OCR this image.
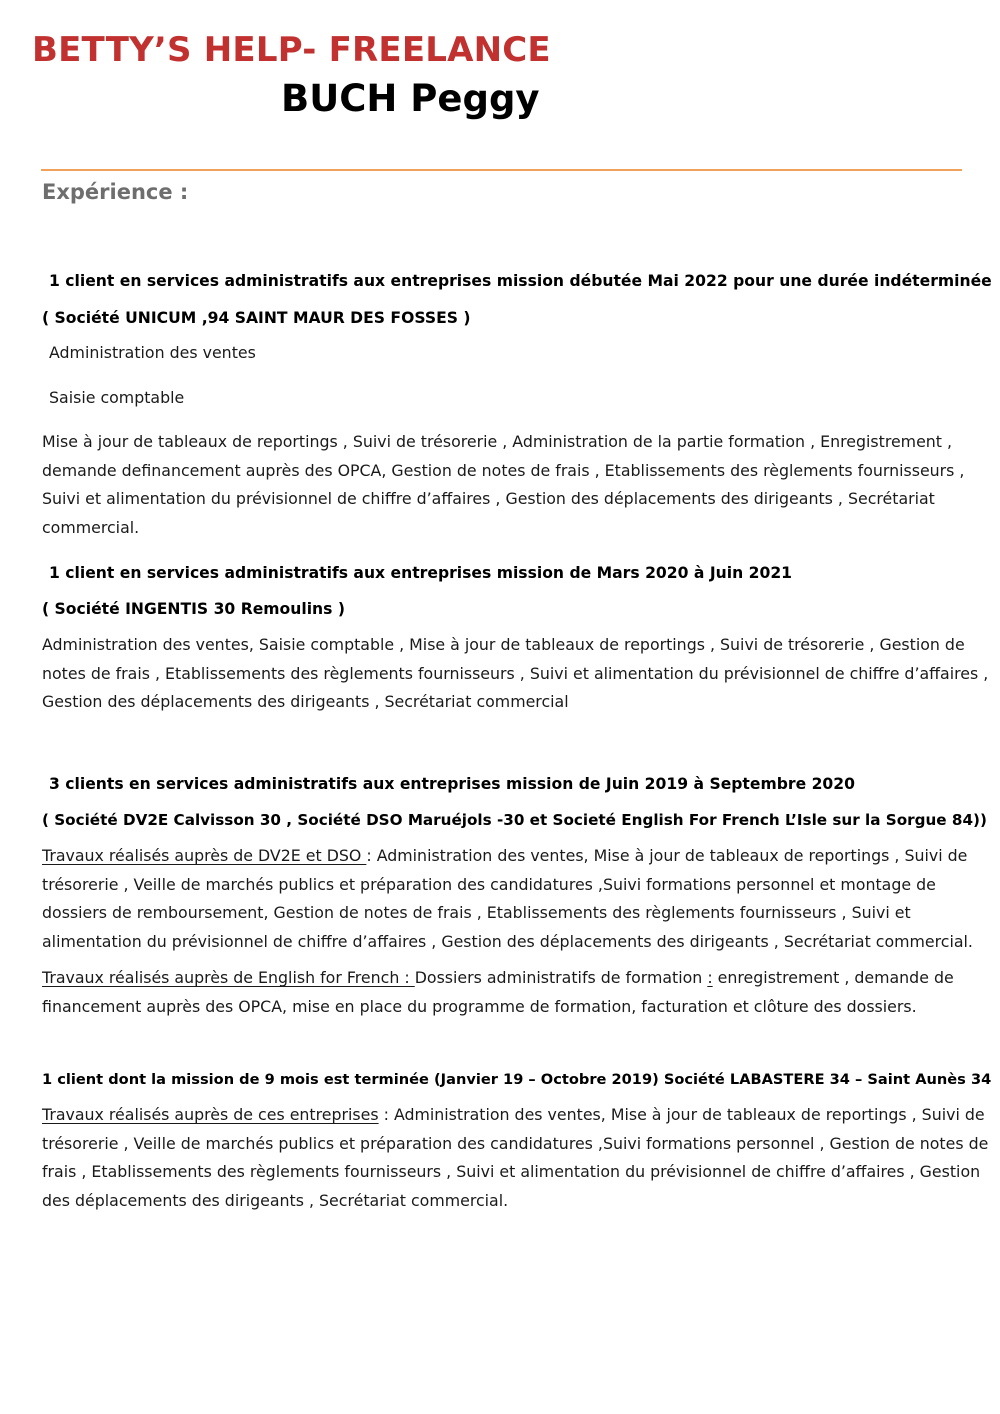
BETTY’S HELP- FREELANCE
BUCH Peggy
Expérience :
1 client en services administratifs aux entreprises mission débutée Mai 2022 pour une durée indéterminée
( Société UNICUM ,94 SAINT MAUR DES FOSSES )
Administration des ventes
Saisie comptable
Mise à jour de tableaux de reportings , Suivi de trésorerie , Administration de la partie formation , Enregistrement ,
demande definancement auprès des OPCA, Gestion de notes de frais , Etablissements des règlements fournisseurs ,
Suivi et alimentation du prévisionnel de chiffre d’affaires , Gestion des déplacements des dirigeants , Secrétariat
commercial.
1 client en services administratifs aux entreprises mission de Mars 2020 à Juin 2021
( Société INGENTIS 30 Remoulins )
Administration des ventes, Saisie comptable , Mise à jour de tableaux de reportings , Suivi de trésorerie , Gestion de
notes de frais , Etablissements des règlements fournisseurs , Suivi et alimentation du prévisionnel de chiffre d’affaires ,
Gestion des déplacements des dirigeants , Secrétariat commercial
3 clients en services administratifs aux entreprises mission de Juin 2019 à Septembre 2020
( Société DV2E Calvisson 30 , Société DSO Maruéjols -30 et Societé English For French L’Isle sur la Sorgue 84))
Travaux réalisés auprès de DV2E et DSO : Administration des ventes, Mise à jour de tableaux de reportings , Suivi de
trésorerie , Veille de marchés publics et préparation des candidatures ,Suivi formations personnel et montage de
dossiers de remboursement, Gestion de notes de frais , Etablissements des règlements fournisseurs , Suivi et
alimentation du prévisionnel de chiffre d’affaires , Gestion des déplacements des dirigeants , Secrétariat commercial.
Travaux réalisés auprès de English for French : Dossiers administratifs de formation : enregistrement , demande de
financement auprès des OPCA, mise en place du programme de formation, facturation et clôture des dossiers.
1 client dont la mission de 9 mois est terminée (Janvier 19 – Octobre 2019) Société LABASTERE 34 – Saint Aunès 34
Travaux réalisés auprès de ces entreprises : Administration des ventes, Mise à jour de tableaux de reportings , Suivi de
trésorerie , Veille de marchés publics et préparation des candidatures ,Suivi formations personnel , Gestion de notes de
frais , Etablissements des règlements fournisseurs , Suivi et alimentation du prévisionnel de chiffre d’affaires , Gestion
des déplacements des dirigeants , Secrétariat commercial.
